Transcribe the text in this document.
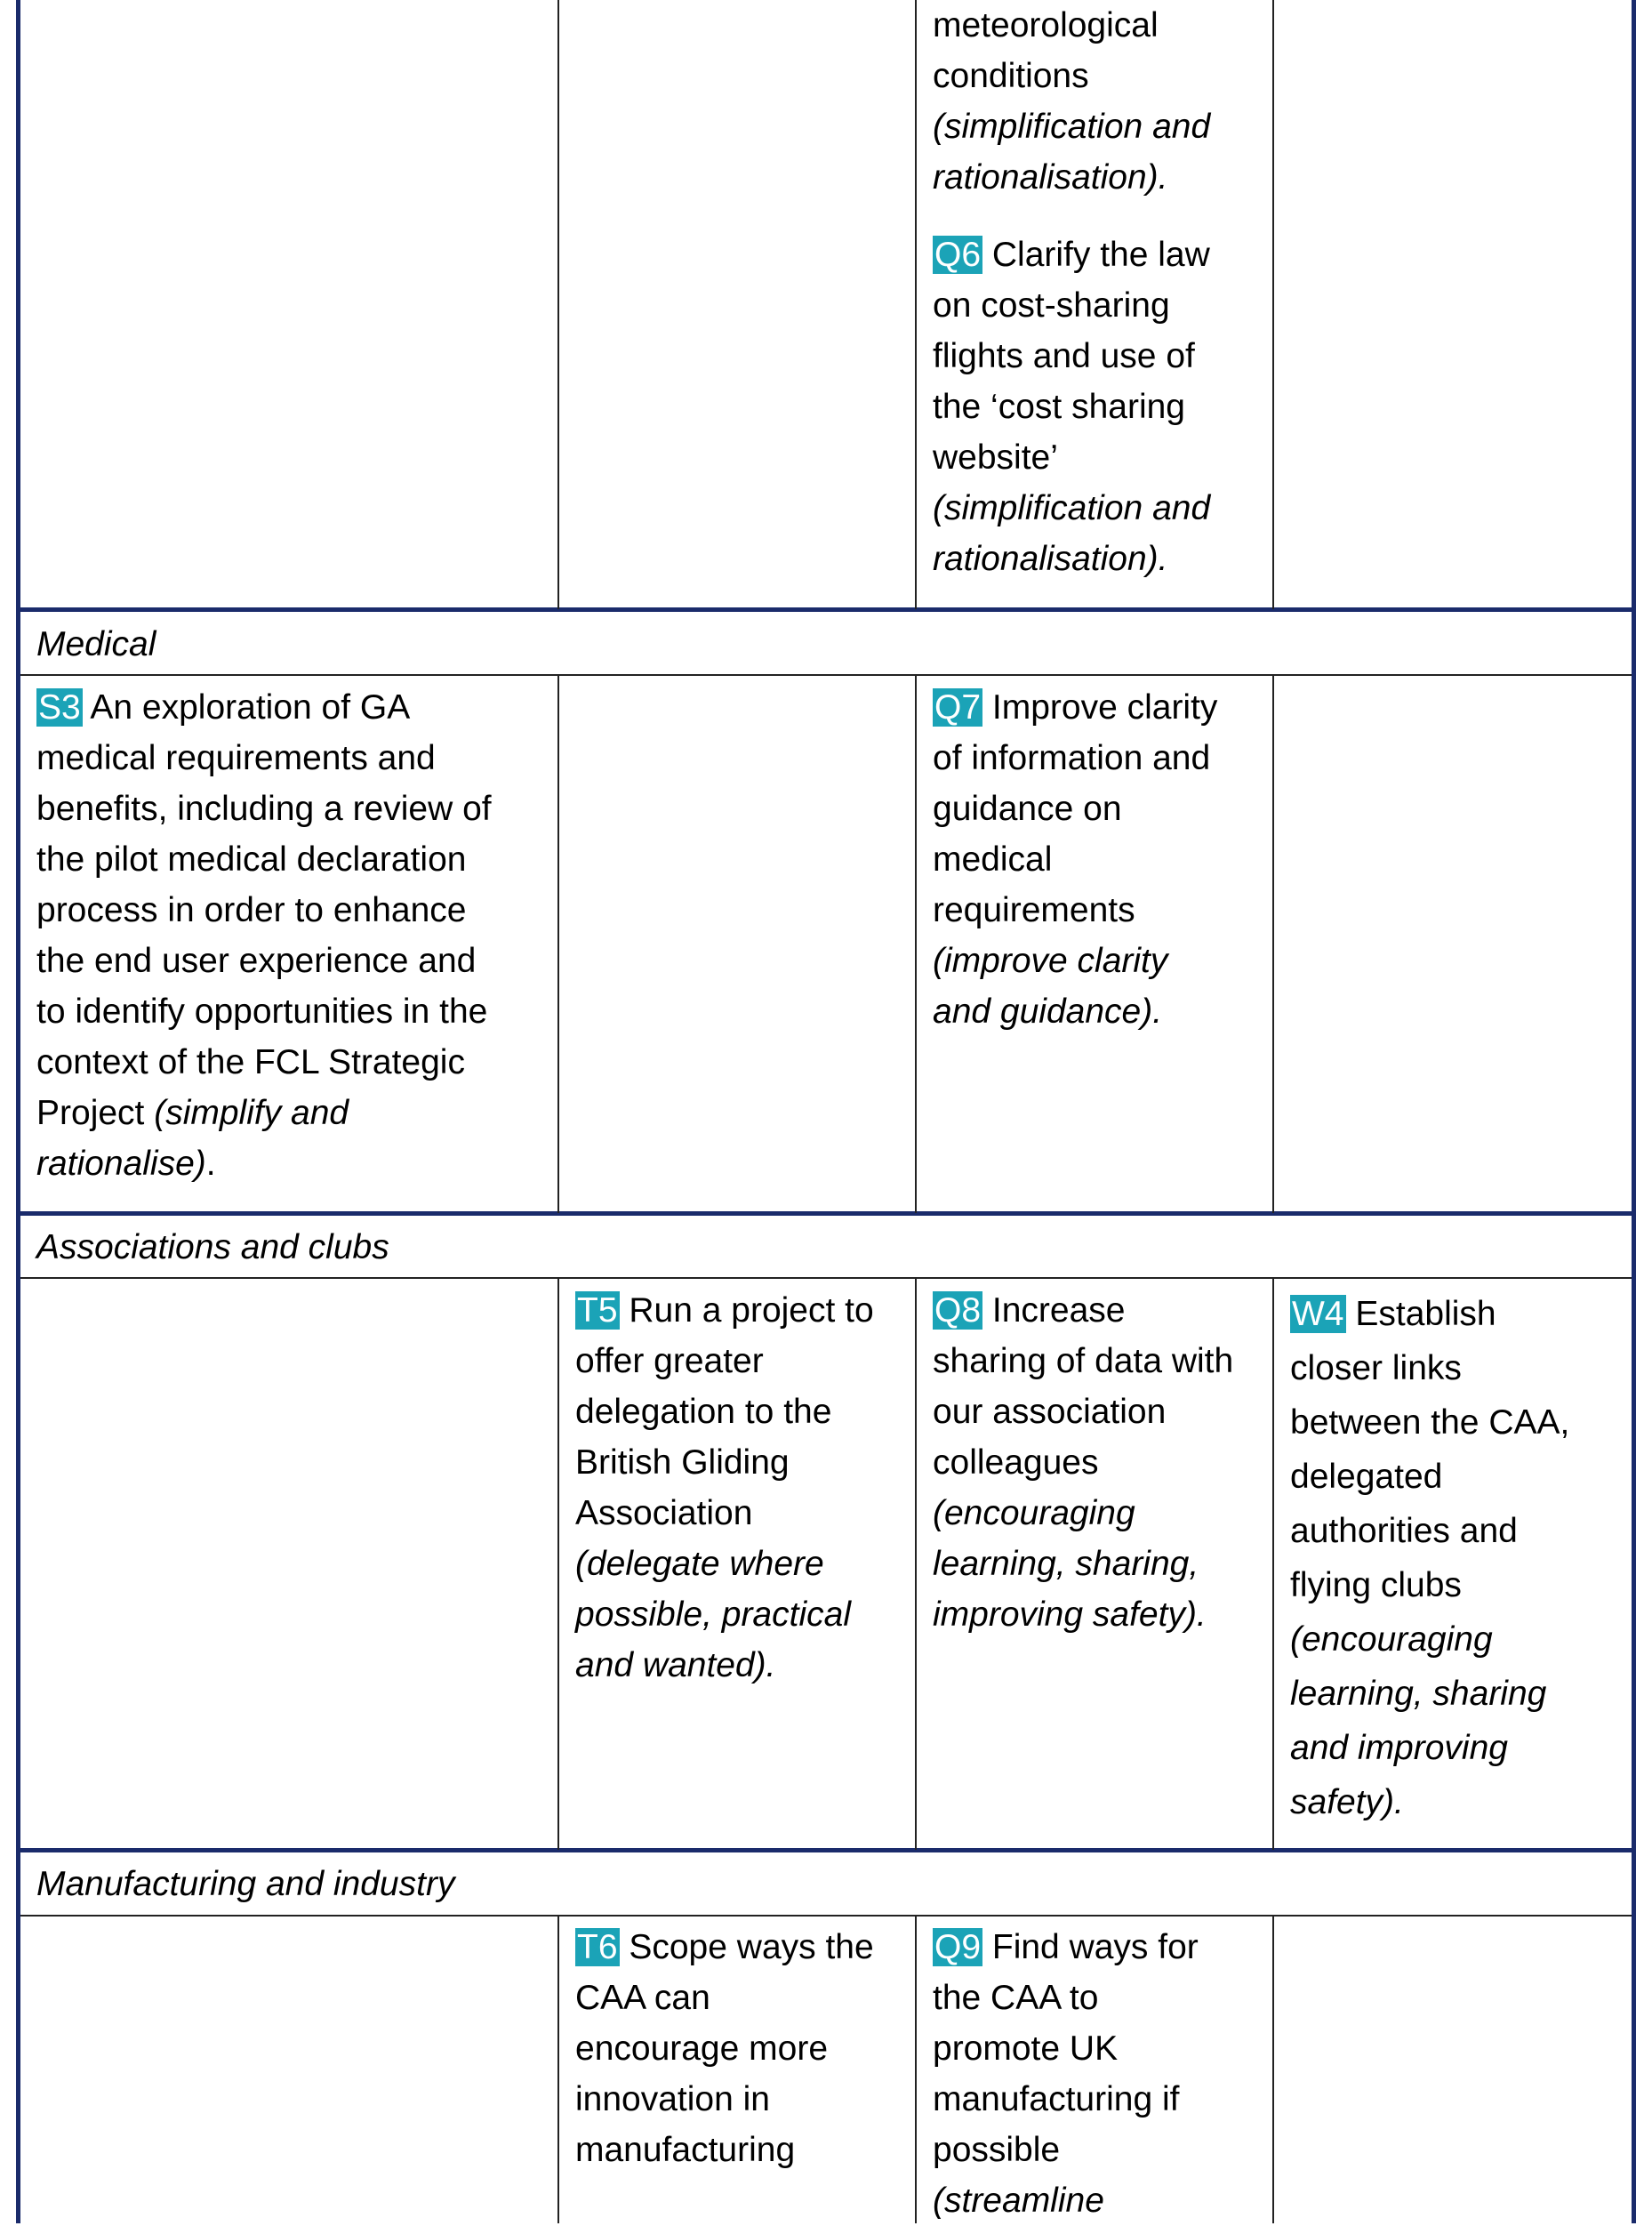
meteorological
conditions
(simplification and
rationalisation).
Q6 Clarify the law
on cost-sharing
flights and use of
the ‘cost sharing
website’
(simplification and
rationalisation).
Medical
S3 An exploration of GA
medical requirements and
benefits, including a review of
the pilot medical declaration
process in order to enhance
the end user experience and
to identify opportunities in the
context of the FCL Strategic
Project (simplify and
rationalise).
Q7 Improve clarity
of information and
guidance on
medical
requirements
(improve clarity
and guidance).
Associations and clubs
T5 Run a project to
offer greater
delegation to the
British Gliding
Association
(delegate where
possible, practical
and wanted).
Q8 Increase
sharing of data with
our association
colleagues
(encouraging
learning, sharing,
improving safety).
W4 Establish
closer links
between the CAA,
delegated
authorities and
flying clubs
(encouraging
learning, sharing
and improving
safety).
Manufacturing and industry
T6 Scope ways the
CAA can
encourage more
innovation in
manufacturing
Q9 Find ways for
the CAA to
promote UK
manufacturing if
possible
(streamline
